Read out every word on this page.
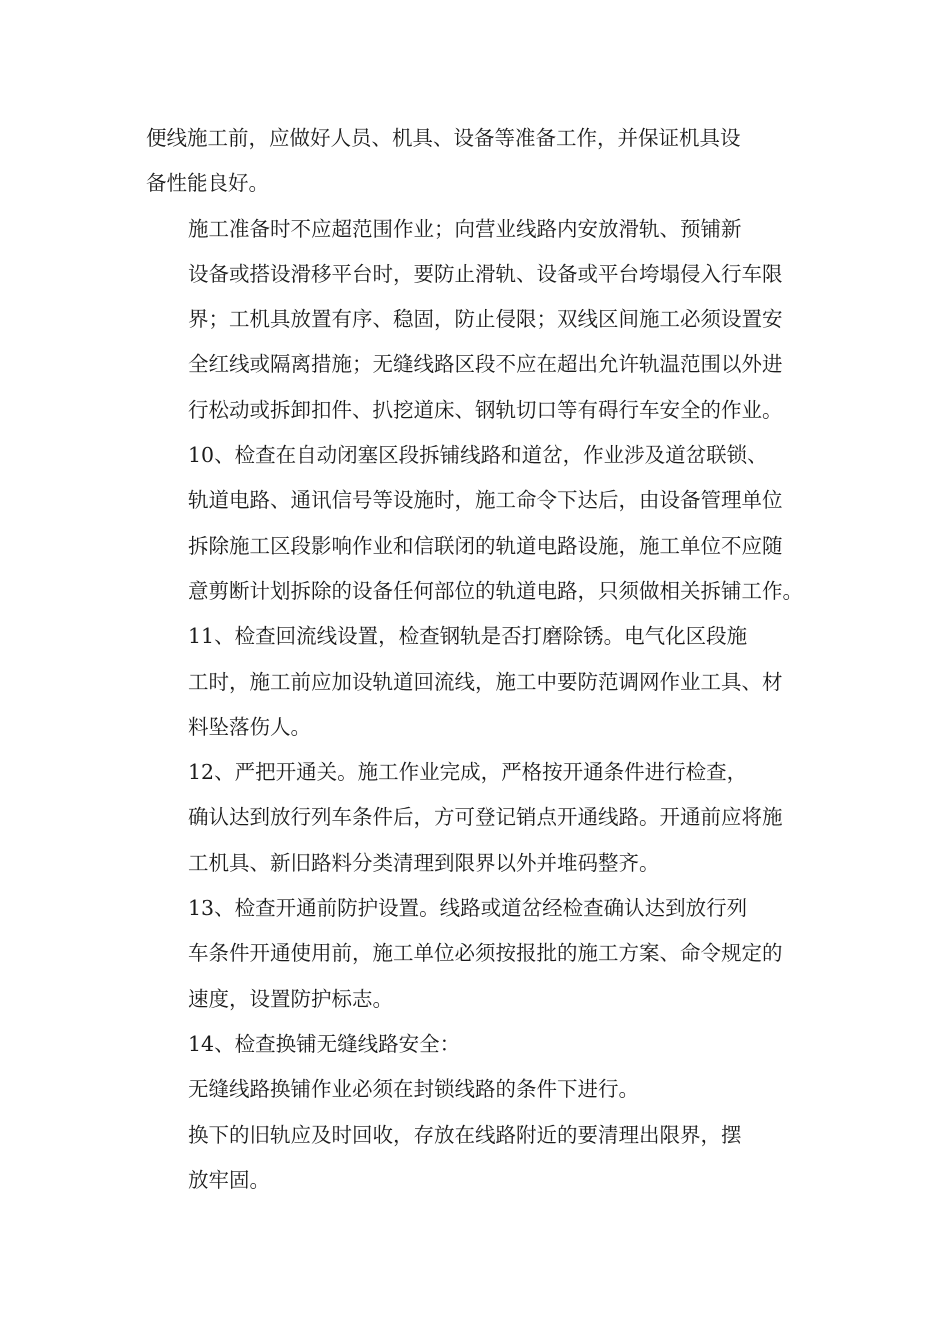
便线施工前，应做好人员、机具、设备等准备工作，并保证机具设
备性能良好。
施工准备时不应超范围作业；向营业线路内安放滑轨、预铺新
设备或搭设滑移平台时，要防止滑轨、设备或平台垮塌侵入行车限
界；工机具放置有序、稳固，防止侵限；双线区间施工必须设置安
全红线或隔离措施；无缝线路区段不应在超出允许轨温范围以外进
行松动或拆卸扣件、扒挖道床、钢轨切口等有碍行车安全的作业。
10、检查在自动闭塞区段拆铺线路和道岔，作业涉及道岔联锁、
轨道电路、通讯信号等设施时，施工命令下达后，由设备管理单位
拆除施工区段影响作业和信联闭的轨道电路设施，施工单位不应随
意剪断计划拆除的设备任何部位的轨道电路，只须做相关拆铺工作。
11、检查回流线设置，检查钢轨是否打磨除锈。电气化区段施
工时，施工前应加设轨道回流线，施工中要防范调网作业工具、材
料坠落伤人。
12、严把开通关。施工作业完成，严格按开通条件进行检查，
确认达到放行列车条件后，方可登记销点开通线路。开通前应将施
工机具、新旧路料分类清理到限界以外并堆码整齐。
13、检查开通前防护设置。线路或道岔经检查确认达到放行列
车条件开通使用前，施工单位必须按报批的施工方案、命令规定的
速度，设置防护标志。
14、检查换铺无缝线路安全：
无缝线路换铺作业必须在封锁线路的条件下进行。
换下的旧轨应及时回收，存放在线路附近的要清理出限界，摆
放牢固。
